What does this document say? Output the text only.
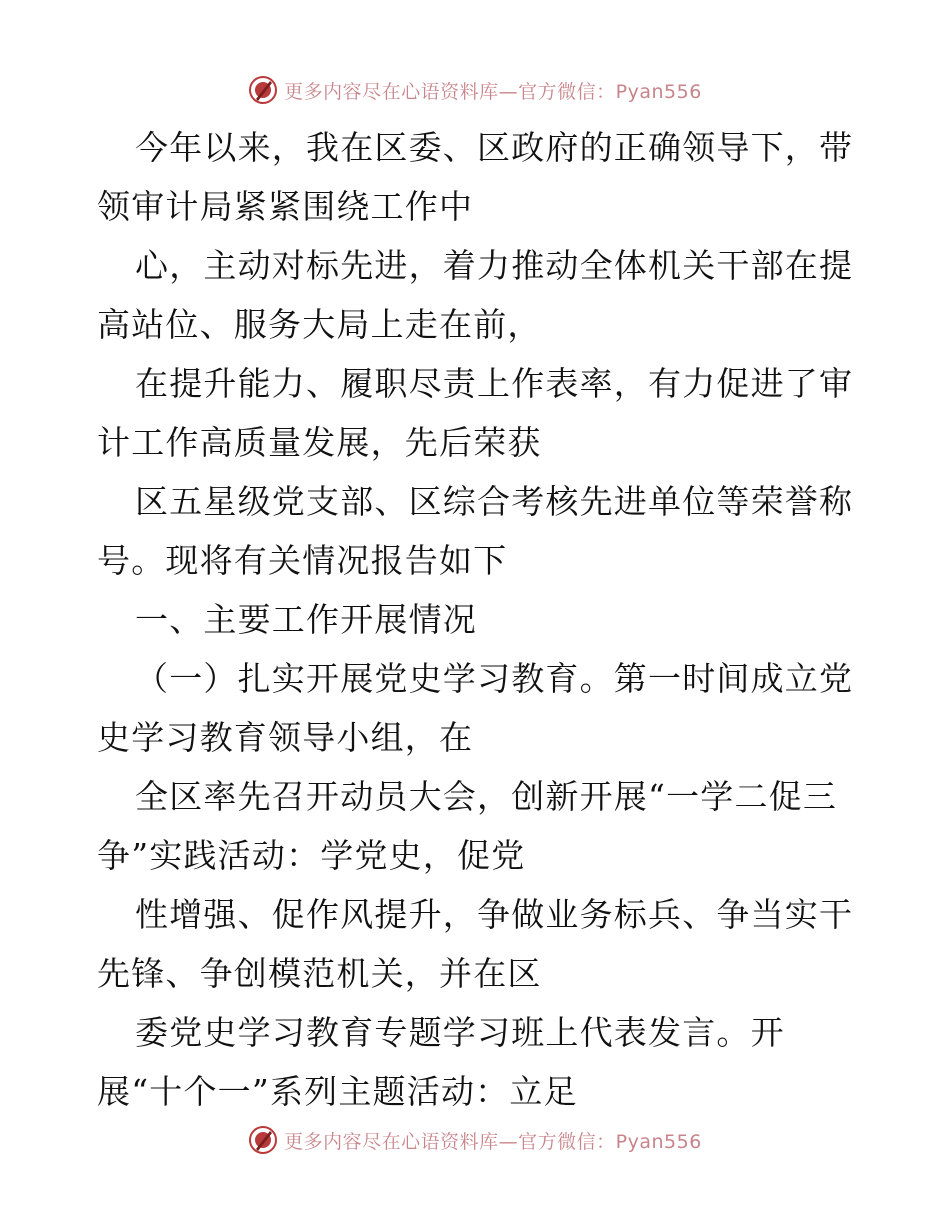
更多内容尽在心语资料库—官方微信：Pyan556
今年以来，我在区委、区政府的正确领导下，带
领审计局紧紧围绕工作中
心，主动对标先进，着力推动全体机关干部在提
高站位、服务大局上走在前，
在提升能力、履职尽责上作表率，有力促进了审
计工作高质量发展，先后荣获
区五星级党支部、区综合考核先进单位等荣誉称
号。现将有关情况报告如下
一、主要工作开展情况
（一）扎实开展党史学习教育。第一时间成立党
史学习教育领导小组，在
全区率先召开动员大会，创新开展“一学二促三
争”实践活动：学党史，促党
性增强、促作风提升，争做业务标兵、争当实干
先锋、争创模范机关，并在区
委党史学习教育专题学习班上代表发言。开
展“十个一”系列主题活动：立足
更多内容尽在心语资料库—官方微信：Pyan556
